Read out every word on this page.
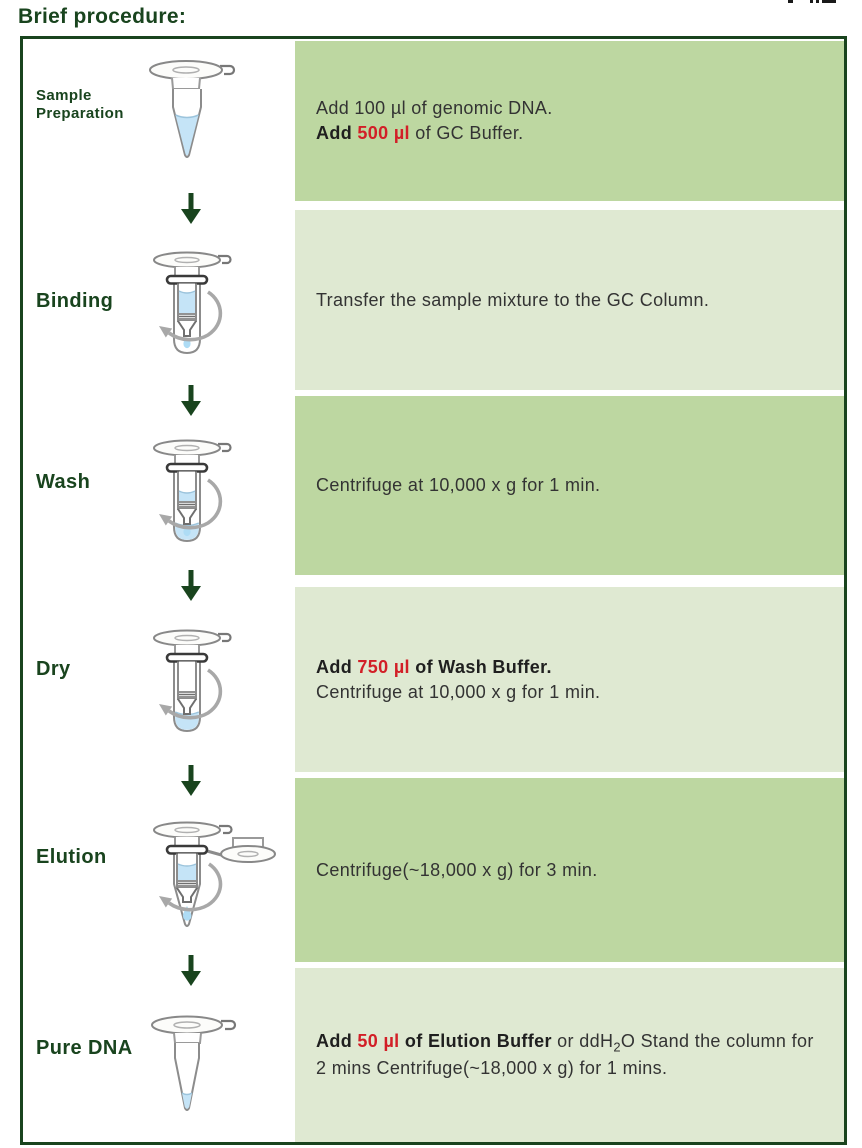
Brief procedure:

Add 100 µl of genomic DNA.

Add 500 µl of GC Buffer.

Transfer the sample mixture to the GC Column.

Centrifuge at 10,000 x g for 1 min.

Add 750 µl of Wash Buffer.

Centrifuge at 10,000 x g for 1 min.

Centrifuge(~18,000 x g) for 3 min.

Add 50 µl of Elution Buffer or ddH$_2$O Stand the column for 2 mins Centrifuge(~18,000 x g) for 1 mins.

Sample
Preparation
Binding
Wash
Dry
Elution
Pure DNA
